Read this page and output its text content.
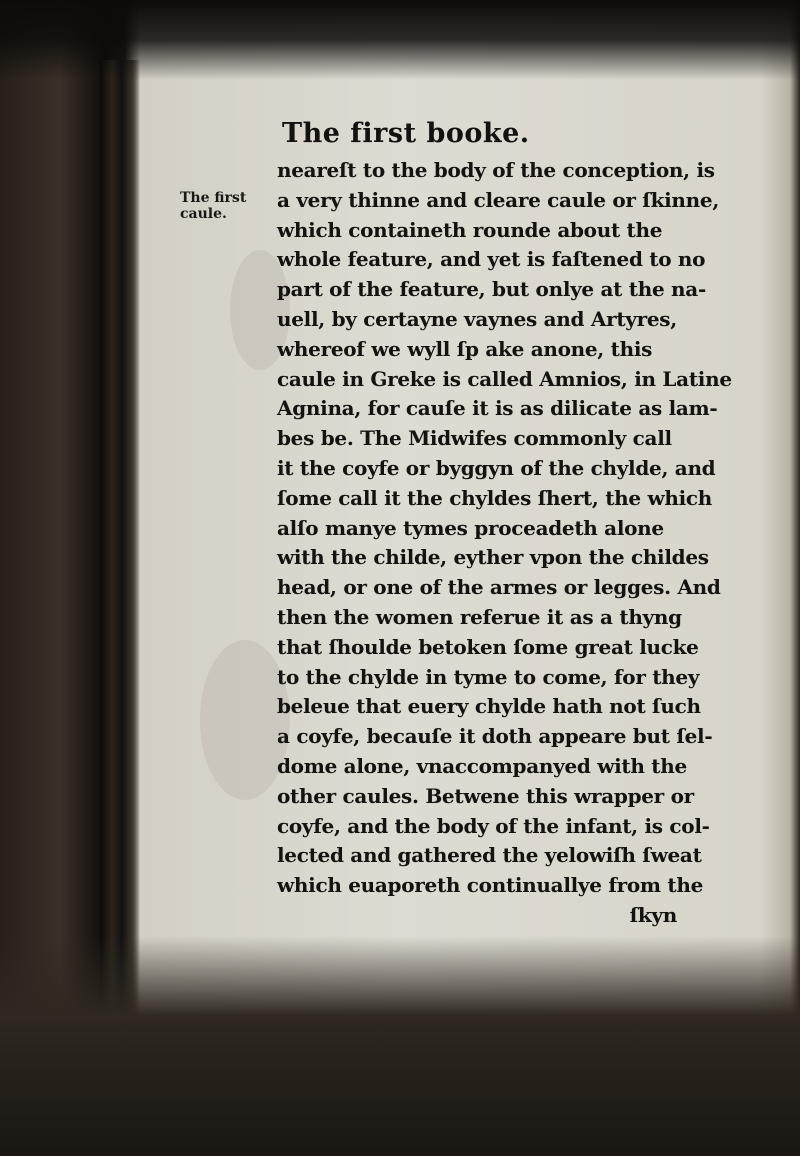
The first booke.
The first
caule.
neareſt to the body of the conception, is
a very thinne and cleare caule or ſkinne,
which containeth rounde about the
whole feature, and yet is faſtened to no
part of the feature, but onlye at the na-
uell, by certayne vaynes and Artyres,
whereof we wyll ſp ake anone, this
caule in Greke is called Amnios, in Latine
Agnina, for cauſe it is as dilicate as lam-
bes be. The Midwifes commonly call
it the coyfe or byggyn of the chylde, and
ſome call it the chyldes ſhert, the which
alſo manye tymes proceadeth alone
with the childe, eyther vpon the childes
head, or one of the armes or legges. And
then the women referue it as a thyng
that ſhoulde betoken ſome great lucke
to the chylde in tyme to come, for they
beleue that euery chylde hath not ſuch
a coyfe, becauſe it doth appeare but ſel-
dome alone, vnaccompanyed with the
other caules. Betwene this wrapper or
coyfe, and the body of the infant, is col-
lected and gathered the yelowiſh ſweat
which euaporeth continuallye from the
ſkyn
